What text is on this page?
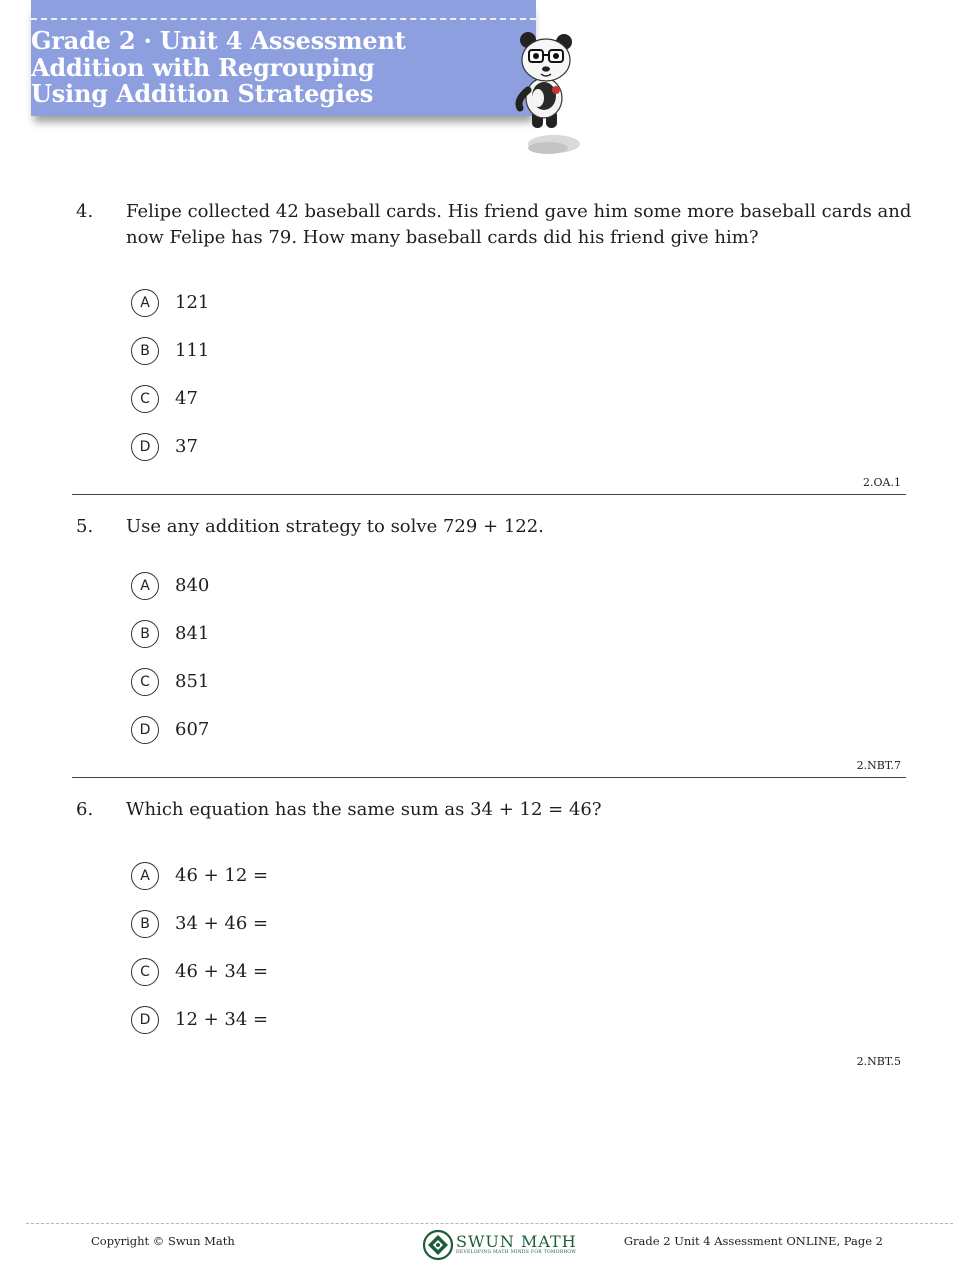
Grade 2 · Unit 4 Assessment
Addition with Regrouping
Using Addition Strategies
4. Felipe collected 42 baseball cards. His friend gave him some more baseball cards and now Felipe has 79. How many baseball cards did his friend give him?
A	121
B	111
C	47
D	37
2.OA.1
5. Use any addition strategy to solve 729 + 122.
A	840
B	841
C	851
D	607
2.NBT.7
6. Which equation has the same sum as 34 + 12 = 46?
A	46 + 12 =
B	34 + 46 =
C	46 + 34 =
D	12 + 34 =
2.NBT.5
Copyright © Swun Math	SWUN MATH
DEVELOPING MATH MINDS FOR TOMORROW
Grade 2 Unit 4 Assessment ONLINE, Page 2
